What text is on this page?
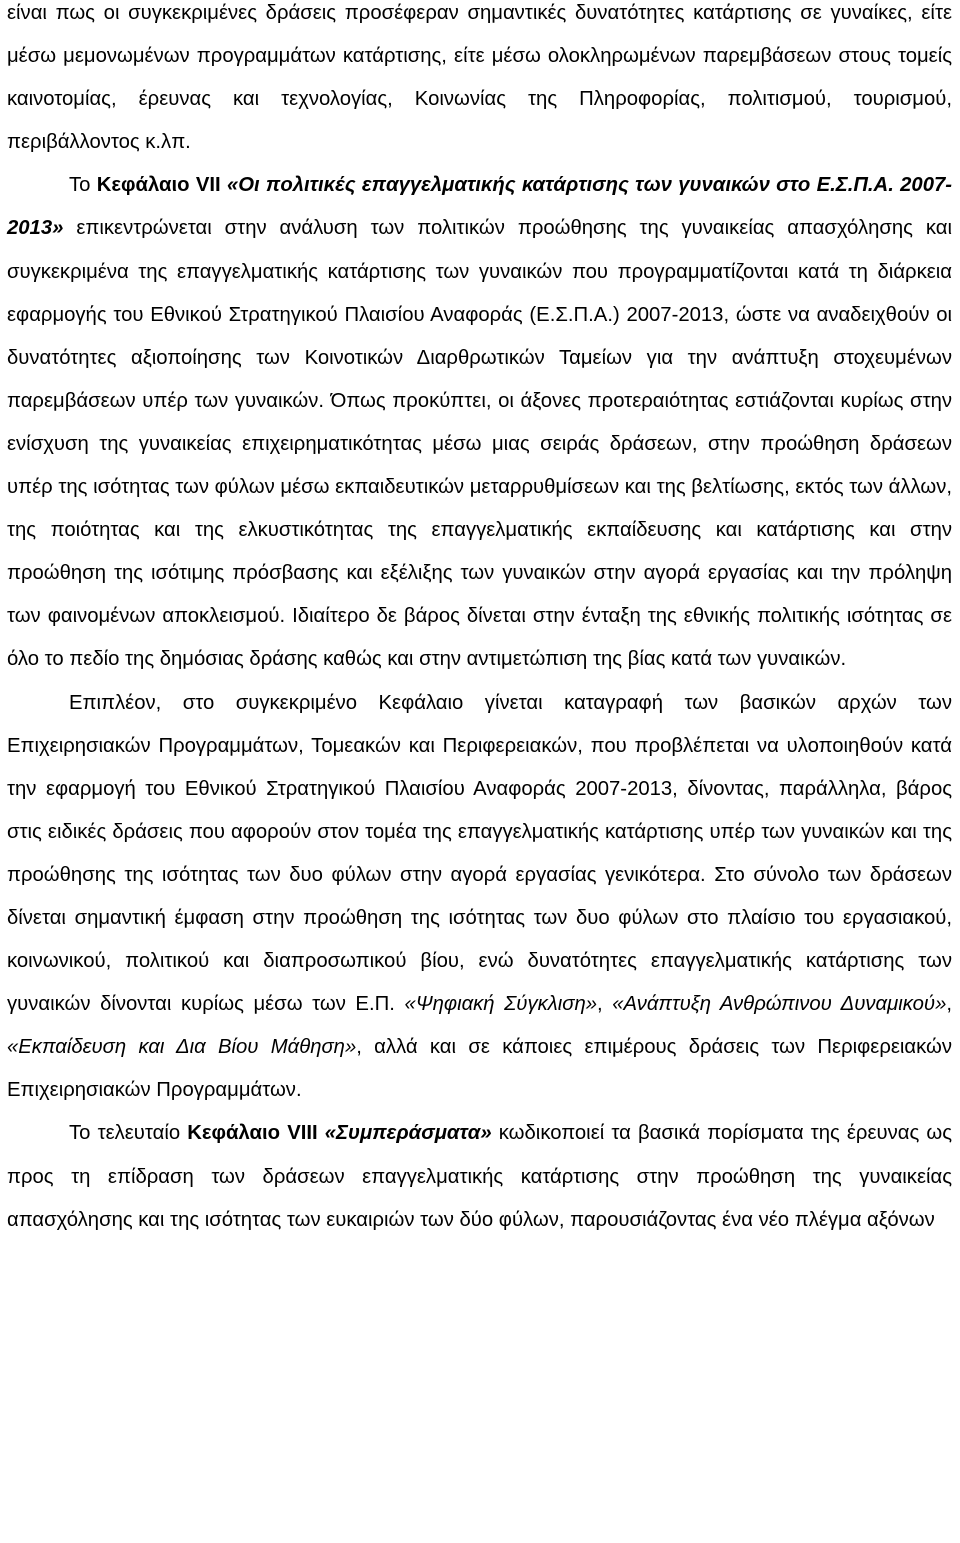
είναι πως οι συγκεκριμένες δράσεις προσέφεραν σημαντικές δυνατότητες κατάρτισης σε γυναίκες, είτε μέσω μεμονωμένων προγραμμάτων κατάρτισης, είτε μέσω ολοκληρωμένων παρεμβάσεων στους τομείς καινοτομίας, έρευνας και τεχνολογίας, Κοινωνίας της Πληροφορίας, πολιτισμού, τουρισμού, περιβάλλοντος κ.λπ.

Το Κεφάλαιο VII «Οι πολιτικές επαγγελματικής κατάρτισης των γυναικών στο Ε.Σ.Π.Α. 2007-2013» επικεντρώνεται στην ανάλυση των πολιτικών προώθησης της γυναικείας απασχόλησης και συγκεκριμένα της επαγγελματικής κατάρτισης των γυναικών που προγραμματίζονται κατά τη διάρκεια εφαρμογής του Εθνικού Στρατηγικού Πλαισίου Αναφοράς (Ε.Σ.Π.Α.) 2007-2013, ώστε να αναδειχθούν οι δυνατότητες αξιοποίησης των Κοινοτικών Διαρθρωτικών Ταμείων για την ανάπτυξη στοχευμένων παρεμβάσεων υπέρ των γυναικών. Όπως προκύπτει, οι άξονες προτεραιότητας εστιάζονται κυρίως στην ενίσχυση της γυναικείας επιχειρηματικότητας μέσω μιας σειράς δράσεων, στην προώθηση δράσεων υπέρ της ισότητας των φύλων μέσω εκπαιδευτικών μεταρρυθμίσεων και της βελτίωσης, εκτός των άλλων, της ποιότητας και της ελκυστικότητας της επαγγελματικής εκπαίδευσης και κατάρτισης και στην προώθηση της ισότιμης πρόσβασης και εξέλιξης των γυναικών στην αγορά εργασίας και την πρόληψη των φαινομένων αποκλεισμού. Ιδιαίτερο δε βάρος δίνεται στην ένταξη της εθνικής πολιτικής ισότητας σε όλο το πεδίο της δημόσιας δράσης καθώς και στην αντιμετώπιση της βίας κατά των γυναικών.

Επιπλέον, στο συγκεκριμένο Κεφάλαιο γίνεται καταγραφή των βασικών αρχών των Επιχειρησιακών Προγραμμάτων, Τομεακών και Περιφερειακών, που προβλέπεται να υλοποιηθούν κατά την εφαρμογή του Εθνικού Στρατηγικού Πλαισίου Αναφοράς 2007-2013, δίνοντας, παράλληλα, βάρος στις ειδικές δράσεις που αφορούν στον τομέα της επαγγελματικής κατάρτισης υπέρ των γυναικών και της προώθησης της ισότητας των δυο φύλων στην αγορά εργασίας γενικότερα. Στο σύνολο των δράσεων δίνεται σημαντική έμφαση στην προώθηση της ισότητας των δυο φύλων στο πλαίσιο του εργασιακού, κοινωνικού, πολιτικού και διαπροσωπικού βίου, ενώ δυνατότητες επαγγελματικής κατάρτισης των γυναικών δίνονται κυρίως μέσω των Ε.Π. «Ψηφιακή Σύγκλιση», «Ανάπτυξη Ανθρώπινου Δυναμικού», «Εκπαίδευση και Δια Βίου Μάθηση», αλλά και σε κάποιες επιμέρους δράσεις των Περιφερειακών Επιχειρησιακών Προγραμμάτων.

Το τελευταίο Κεφάλαιο VIII «Συμπεράσματα» κωδικοποιεί τα βασικά πορίσματα της έρευνας ως προς τη επίδραση των δράσεων επαγγελματικής κατάρτισης στην προώθηση της γυναικείας απασχόλησης και της ισότητας των ευκαιριών των δύο φύλων, παρουσιάζοντας ένα νέο πλέγμα αξόνων
